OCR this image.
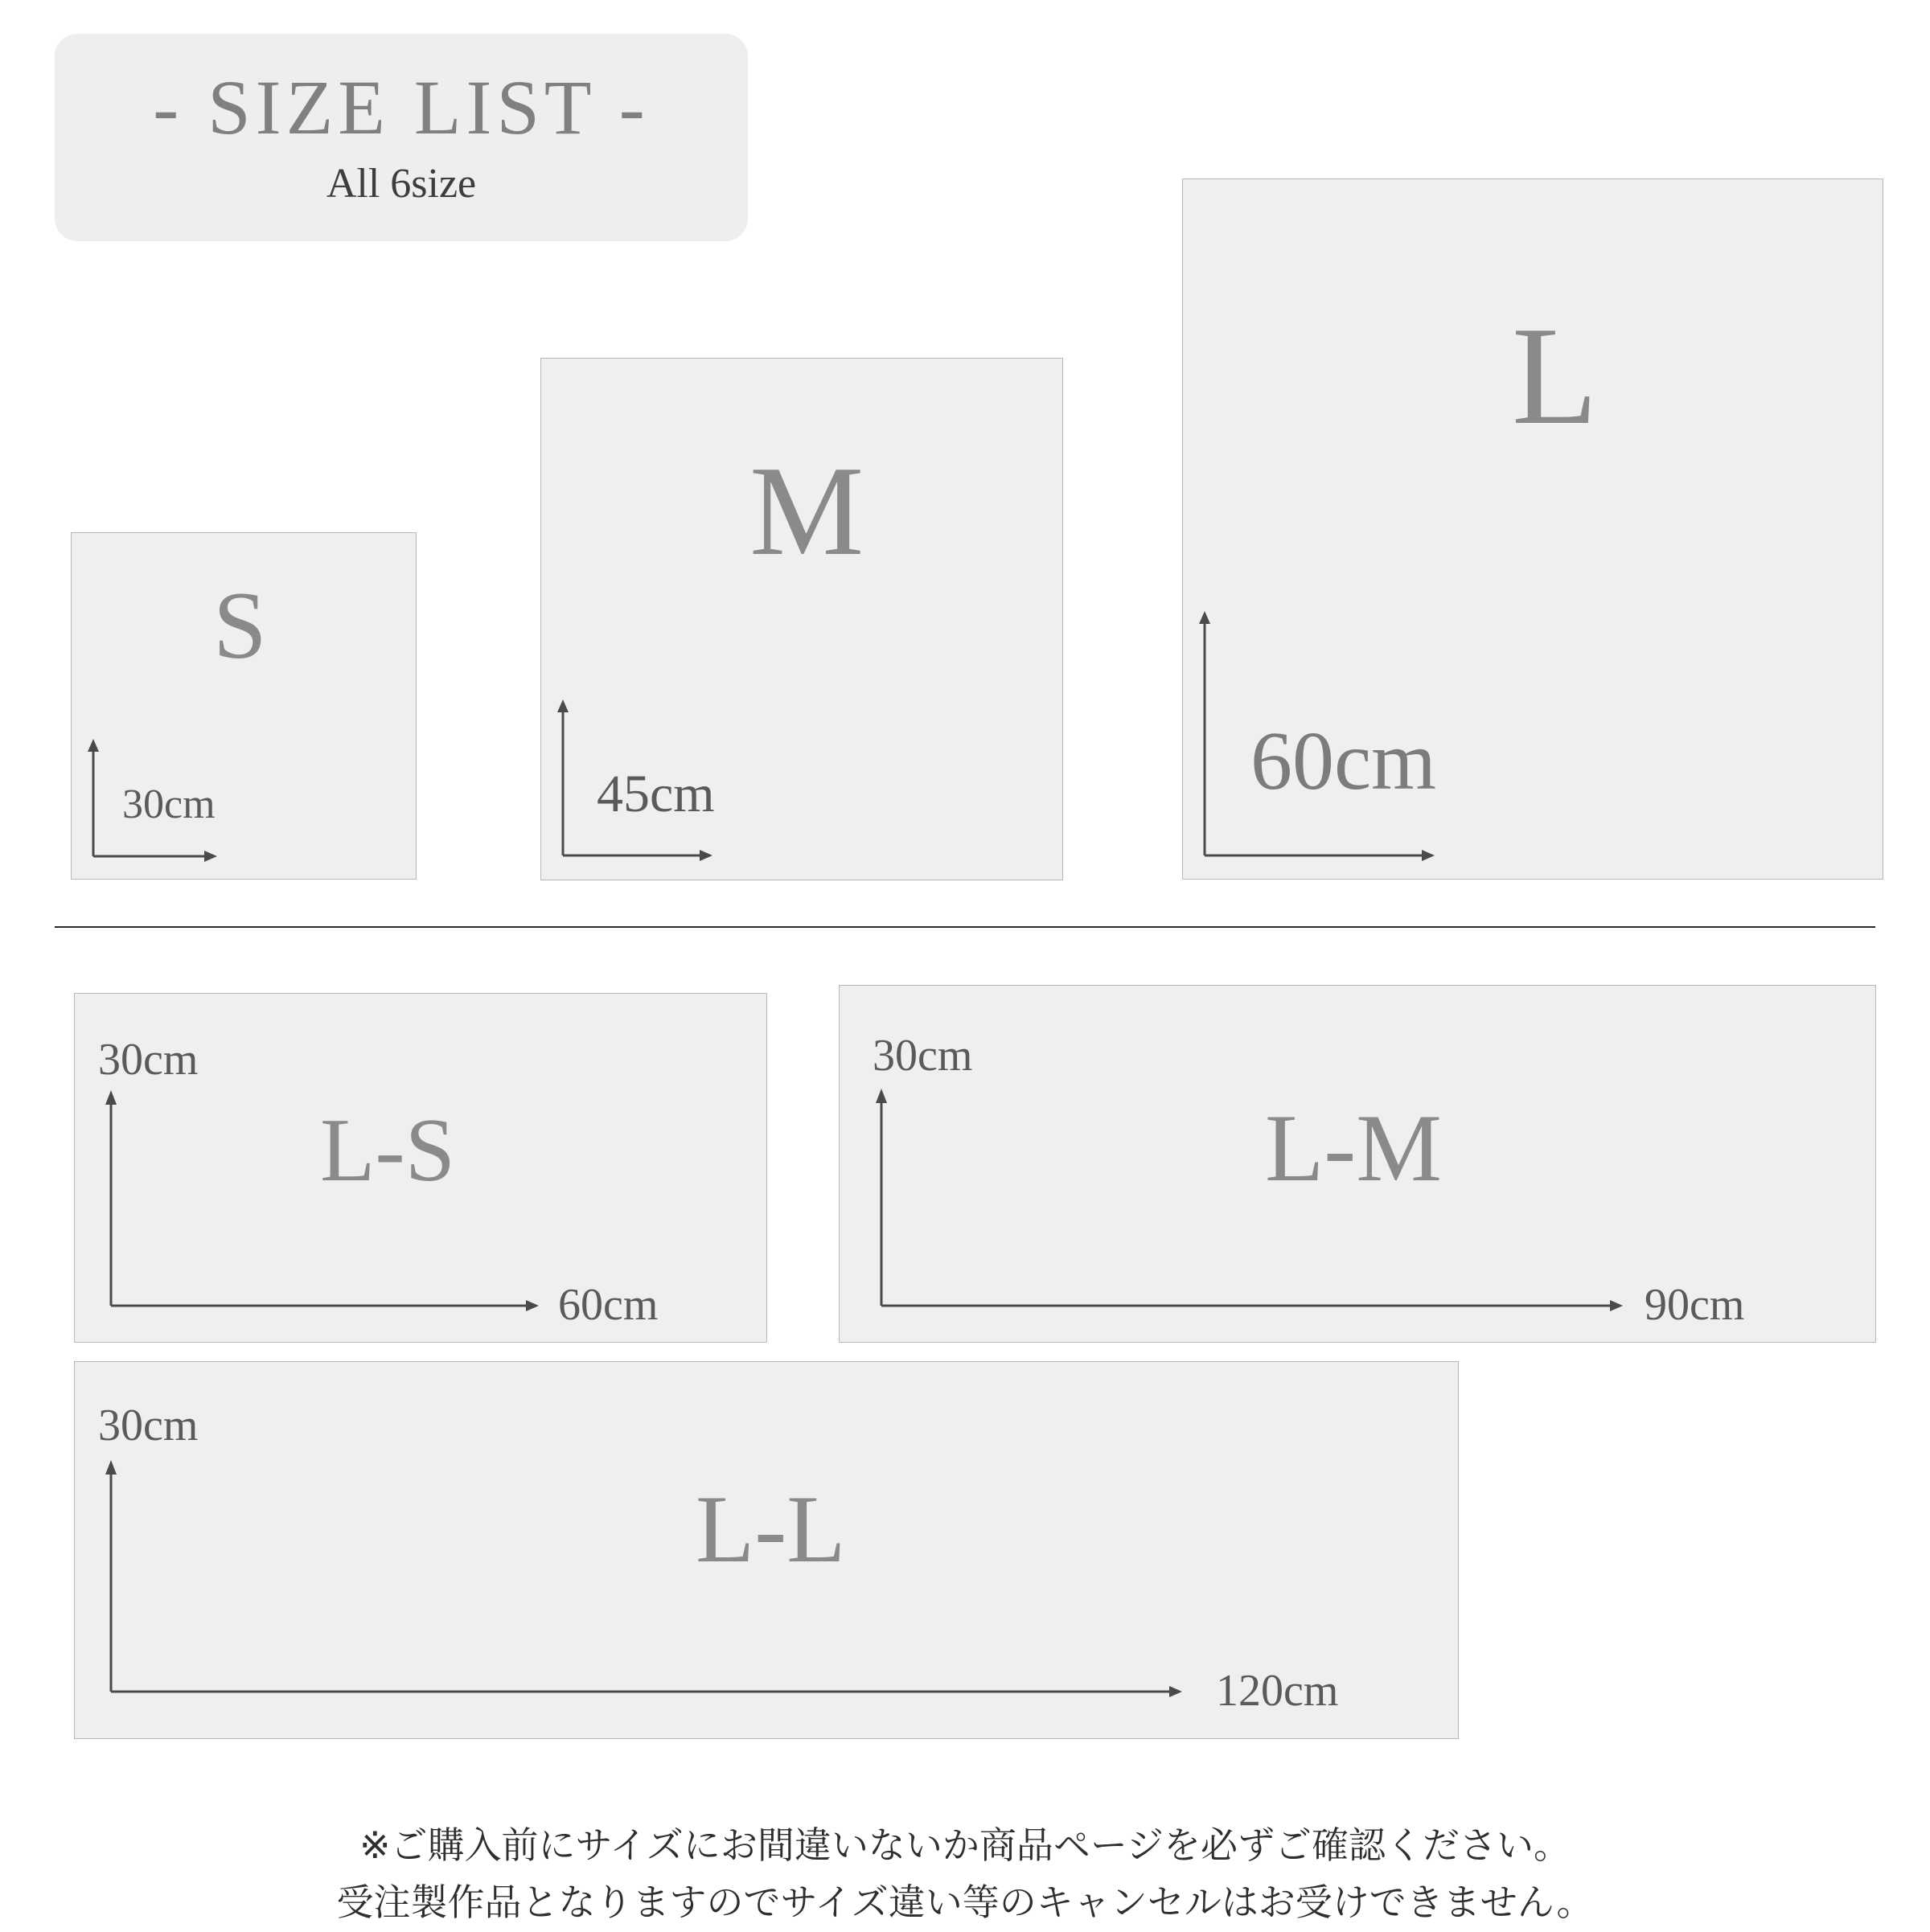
- SIZE LIST -
All 6size
S
30cm
M
45cm
L
60cm
L-S
30cm
60cm
L-M
30cm
90cm
L-L
30cm
120cm
※ご購入前にサイズにお間違いないか商品ページを必ずご確認ください。
受注製作品となりますのでサイズ違い等のキャンセルはお受けできません。
